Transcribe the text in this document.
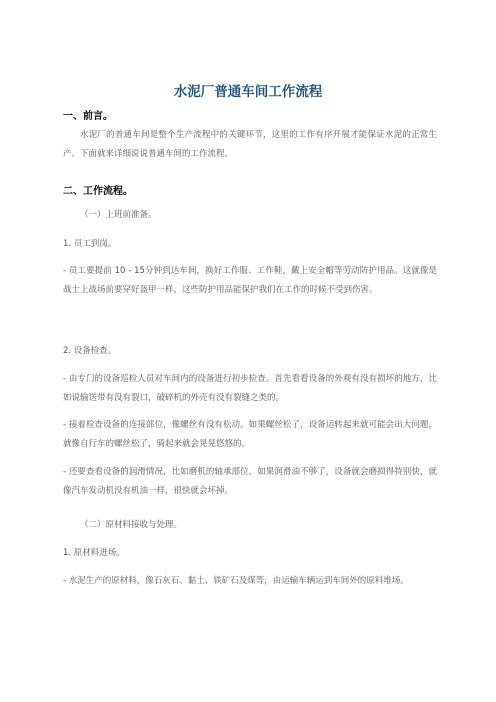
水泥厂普通车间工作流程
一、前言。
水泥厂的普通车间是整个生产流程中的关键环节，这里的工作有序开展才能保证水泥的正常生产。下面就来详细说说普通车间的工作流程。
二、工作流程。
（一）上班前准备。
1. 员工到岗。
- 员工要提前 10 - 15分钟到达车间，换好工作服、工作鞋，戴上安全帽等劳动防护用品。这就像是战士上战场前要穿好盔甲一样，这些防护用品能保护我们在工作的时候不受到伤害。
2. 设备检查。
- 由专门的设备巡检人员对车间内的设备进行初步检查。首先看看设备的外观有没有损坏的地方，比如说输送带有没有裂口，破碎机的外壳有没有裂缝之类的。
- 接着检查设备的连接部位，像螺丝有没有松动。如果螺丝松了，设备运转起来就可能会出大问题，就像自行车的螺丝松了，骑起来就会晃晃悠悠的。
- 还要查看设备的润滑情况，比如磨机的轴承部位，如果润滑油不够了，设备就会磨损得特别快，就像汽车发动机没有机油一样，很快就会坏掉。
（二）原材料接收与处理。
1. 原材料进场。
- 水泥生产的原材料，像石灰石、黏土、铁矿石及煤等，由运输车辆运到车间外的原料堆场。
